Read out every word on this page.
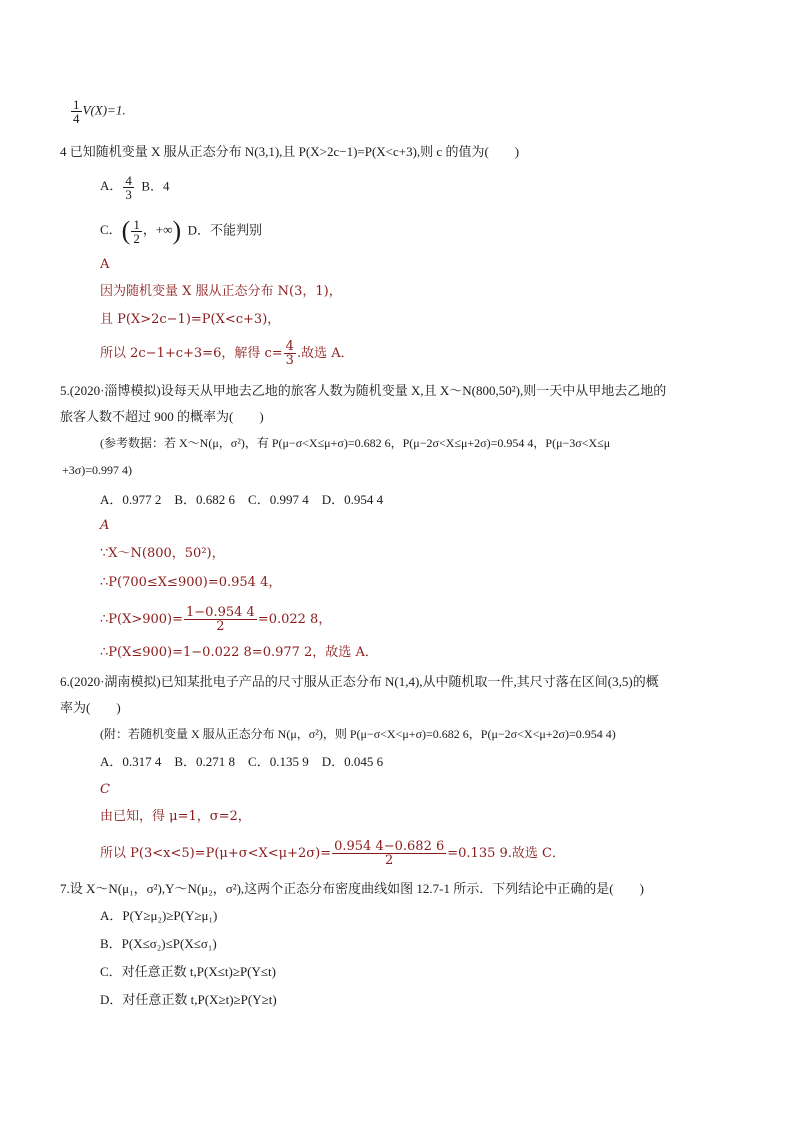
$\frac{1}{4} V(X)=1$.
4 已知随机变量 X 服从正态分布 N(3,1),且 P(X>2c−1)=P(X<c+3),则 c 的值为(　　)
A． $\frac{4}{3}$ B．4
C．( $\frac{1}{2}$ ，+∞) D．不能判别
A
因为随机变量 X 服从正态分布 N(3，1)，
且 P(X>2c−1)=P(X<c+3)，
所以 2c−1+c+3=6，解得 $c= \frac{4}{3}$ .故选 A．
5.(2020·淄博模拟)设每天从甲地去乙地的旅客人数为随机变量 X,且 X～N(800,50²),则一天中从甲地去乙地的
旅客人数不超过 900 的概率为(　　)
(参考数据：若 X～N(μ，σ²)，有 P(μ−σ<X≤μ+σ)=0.682 6，P(μ−2σ<X≤μ+2σ)=0.954 4，P(μ−3σ<X≤μ
+3σ)=0.997 4)
A．0.977 2　B．0.682 6　C．0.997 4　D．0.954 4
A
∵X～N(800，50²)，
∴P(700≤X≤900)=0.954 4，
∴P(X>900)= $\frac{1-0.954 4}{2} =0.022$ 8，
∴P(X≤900)=1−0.022 8=0.977 2，故选 A．
6.(2020·湖南模拟)已知某批电子产品的尺寸服从正态分布 N(1,4),从中随机取一件,其尺寸落在区间(3,5)的概
率为(　　)
(附：若随机变量 X 服从正态分布 N(μ，σ²)，则 P(μ−σ<X<μ+σ)=0.682 6，P(μ−2σ<X<μ+2σ)=0.954 4)
A．0.317 4　B．0.271 8　C．0.135 9　D．0.045 6
C
由已知，得 μ=1，σ=2，
所以 $P(3<x<5)=P(\mu+\sigma<X<\mu+2\sigma)= \frac{0.954 4-0.682 6}{2} =0.135$ 9.故选 C．
7.设 X～N(μ₁，σ²),Y～N(μ₂，σ²),这两个正态分布密度曲线如图 12.7-1 所示．下列结论中正确的是(　　)
A．P(Y≥μ₂)≥P(Y≥μ₁)
B．P(X≤σ₂)≤P(X≤σ₁)
C．对任意正数 t,P(X≤t)≥P(Y≤t)
D．对任意正数 t,P(X≥t)≥P(Y≥t)
